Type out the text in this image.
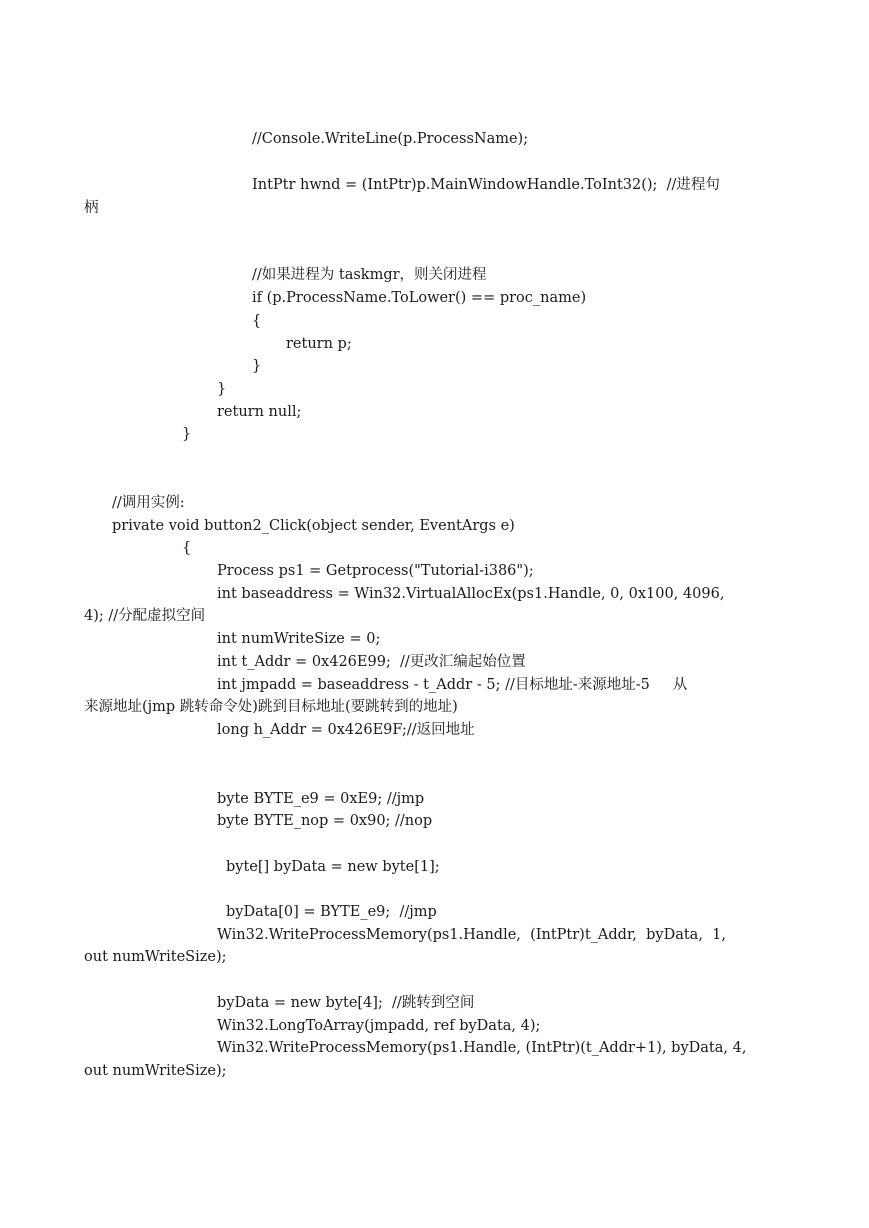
//Console.WriteLine(p.ProcessName);
IntPtr hwnd = (IntPtr)p.MainWindowHandle.ToInt32();  //进程句
柄
//如果进程为 taskmgr，则关闭进程
if (p.ProcessName.ToLower() == proc_name)
{
return p;
}
}
return null;
}
//调用实例:
private void button2_Click(object sender, EventArgs e)
{
Process ps1 = Getprocess("Tutorial-i386");
int baseaddress = Win32.VirtualAllocEx(ps1.Handle, 0, 0x100, 4096,
4); //分配虚拟空间
int numWriteSize = 0;
int t_Addr = 0x426E99;  //更改汇编起始位置
int jmpadd = baseaddress - t_Addr - 5; //目标地址-来源地址-5     从
来源地址(jmp 跳转命令处)跳到目标地址(要跳转到的地址)
long h_Addr = 0x426E9F;//返回地址
byte BYTE_e9 = 0xE9; //jmp
byte BYTE_nop = 0x90; //nop
byte[] byData = new byte[1];
byData[0] = BYTE_e9;  //jmp
Win32.WriteProcessMemory(ps1.Handle,  (IntPtr)t_Addr,  byData,  1,
out numWriteSize);
byData = new byte[4];  //跳转到空间
Win32.LongToArray(jmpadd, ref byData, 4);
Win32.WriteProcessMemory(ps1.Handle, (IntPtr)(t_Addr+1), byData, 4,
out numWriteSize);
